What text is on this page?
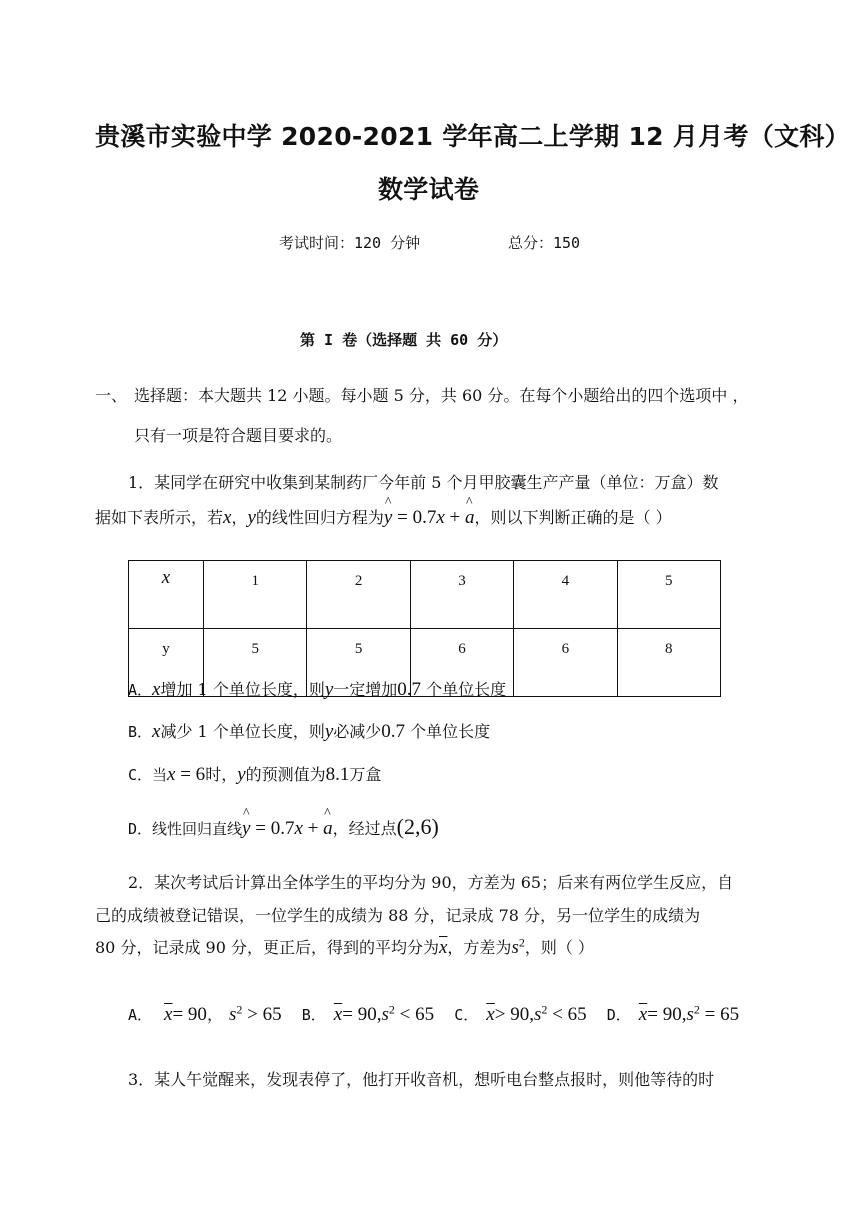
贵溪市实验中学 2020-2021 学年高二上学期 12 月月考（文科）
数学试卷
考试时间：120 分钟	总分：150
第 I 卷（选择题 共 60 分）
一、 选择题：本大题共 12 小题。每小题 5 分，共 60 分。在每个小题给出的四个选项中 ，
只有一项是符合题目要求的。
1．某同学在研究中收集到某制药厂今年前 5 个月甲胶囊生产产量（单位：万盒）数
据如下表所示，若x，y的线性回归方程为^ y = 0.7x + ^ a，则以下判断正确的是（ ）
x	1	2	3	4	5
y	5	5	6	6	8
A．x增加 1 个单位长度，则y一定增加0.7 个单位长度
B．x减少 1 个单位长度，则y必减少0.7 个单位长度
C．当x = 6时，y的预测值为8.1万盒
D．线性回归直线^ y = 0.7x + ^ a，经过点(2,6)
2．某次考试后计算出全体学生的平均分为 90，方差为 65；后来有两位学生反应，自
己的成绩被登记错误，一位学生的成绩为 88 分，记录成 78 分，另一位学生的成绩为
80 分，记录成 90 分，更正后，得到的平均分为$\overline{x}$，方差为$s^2$，则（ ）
A． $\overline{x}= 90$， $s^2 > 65$ B． $\overline{x}= 90,s^2 < 65$ C． $\overline{x}> 90,s^2 < 65$ D． $\overline{x}= 90,s^2 = 65$
3．某人午觉醒来，发现表停了，他打开收音机，想听电台整点报时，则他等待的时
